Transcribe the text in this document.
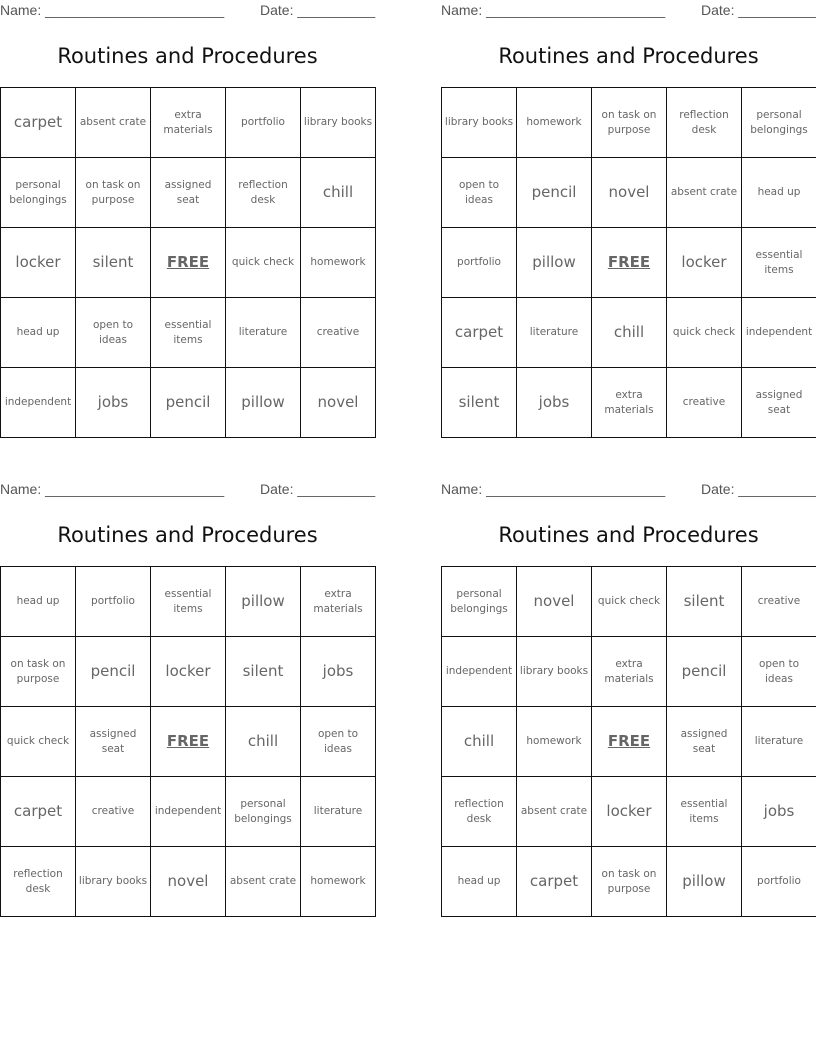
Name: _______________________	Date: __________
Routines and Procedures
carpet	absent crate	extra materials	portfolio	library books
personal belongings	on task on purpose	assigned seat	reflection desk	chill
locker	silent	FREE	quick check	homework
head up	open to ideas	essential items	literature	creative
independent	jobs	pencil	pillow	novel
Name: _______________________	Date: __________
Routines and Procedures
library books	homework	on task on purpose	reflection desk	personal belongings
open to ideas	pencil	novel	absent crate	head up
portfolio	pillow	FREE	locker	essential items
carpet	literature	chill	quick check	independent
silent	jobs	extra materials	creative	assigned seat
Name: _______________________	Date: __________
Routines and Procedures
head up	portfolio	essential items	pillow	extra materials
on task on purpose	pencil	locker	silent	jobs
quick check	assigned seat	FREE	chill	open to ideas
carpet	creative	independent	personal belongings	literature
reflection desk	library books	novel	absent crate	homework
Name: _______________________	Date: __________
Routines and Procedures
personal belongings	novel	quick check	silent	creative
independent	library books	extra materials	pencil	open to ideas
chill	homework	FREE	assigned seat	literature
reflection desk	absent crate	locker	essential items	jobs
head up	carpet	on task on purpose	pillow	portfolio
